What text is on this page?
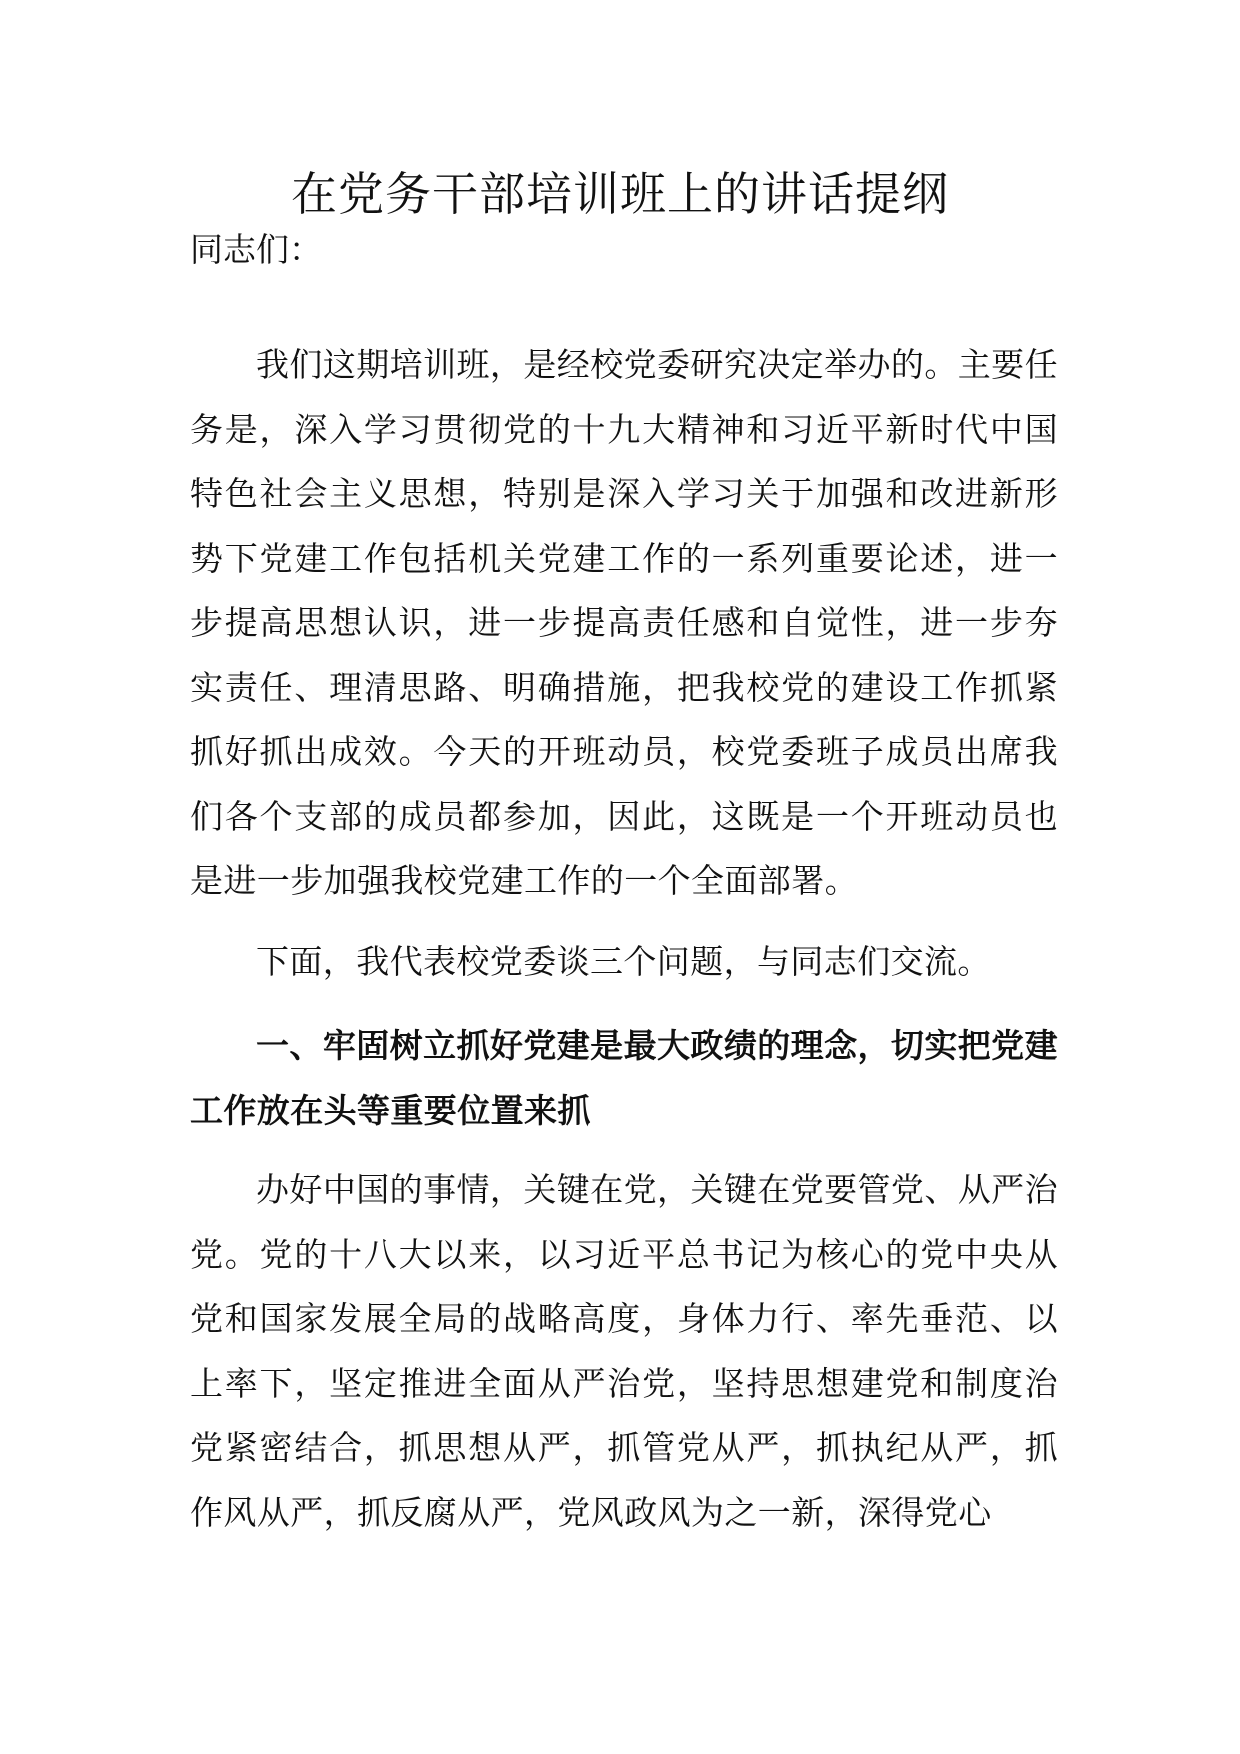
在党务干部培训班上的讲话提纲

同志们：

我们这期培训班，是经校党委研究决定举办的。主要任务是，深入学习贯彻党的十九大精神和习近平新时代中国特色社会主义思想，特别是深入学习关于加强和改进新形势下党建工作包括机关党建工作的一系列重要论述，进一步提高思想认识，进一步提高责任感和自觉性，进一步夯实责任、理清思路、明确措施，把我校党的建设工作抓紧抓好抓出成效。今天的开班动员，校党委班子成员出席我们各个支部的成员都参加，因此，这既是一个开班动员也是进一步加强我校党建工作的一个全面部署。

下面，我代表校党委谈三个问题，与同志们交流。

一、牢固树立抓好党建是最大政绩的理念，切实把党建工作放在头等重要位置来抓

办好中国的事情，关键在党，关键在党要管党、从严治党。党的十八大以来，以习近平总书记为核心的党中央从党和国家发展全局的战略高度，身体力行、率先垂范、以上率下，坚定推进全面从严治党，坚持思想建党和制度治党紧密结合，抓思想从严，抓管党从严，抓执纪从严，抓作风从严，抓反腐从严，党风政风为之一新，深得党心
